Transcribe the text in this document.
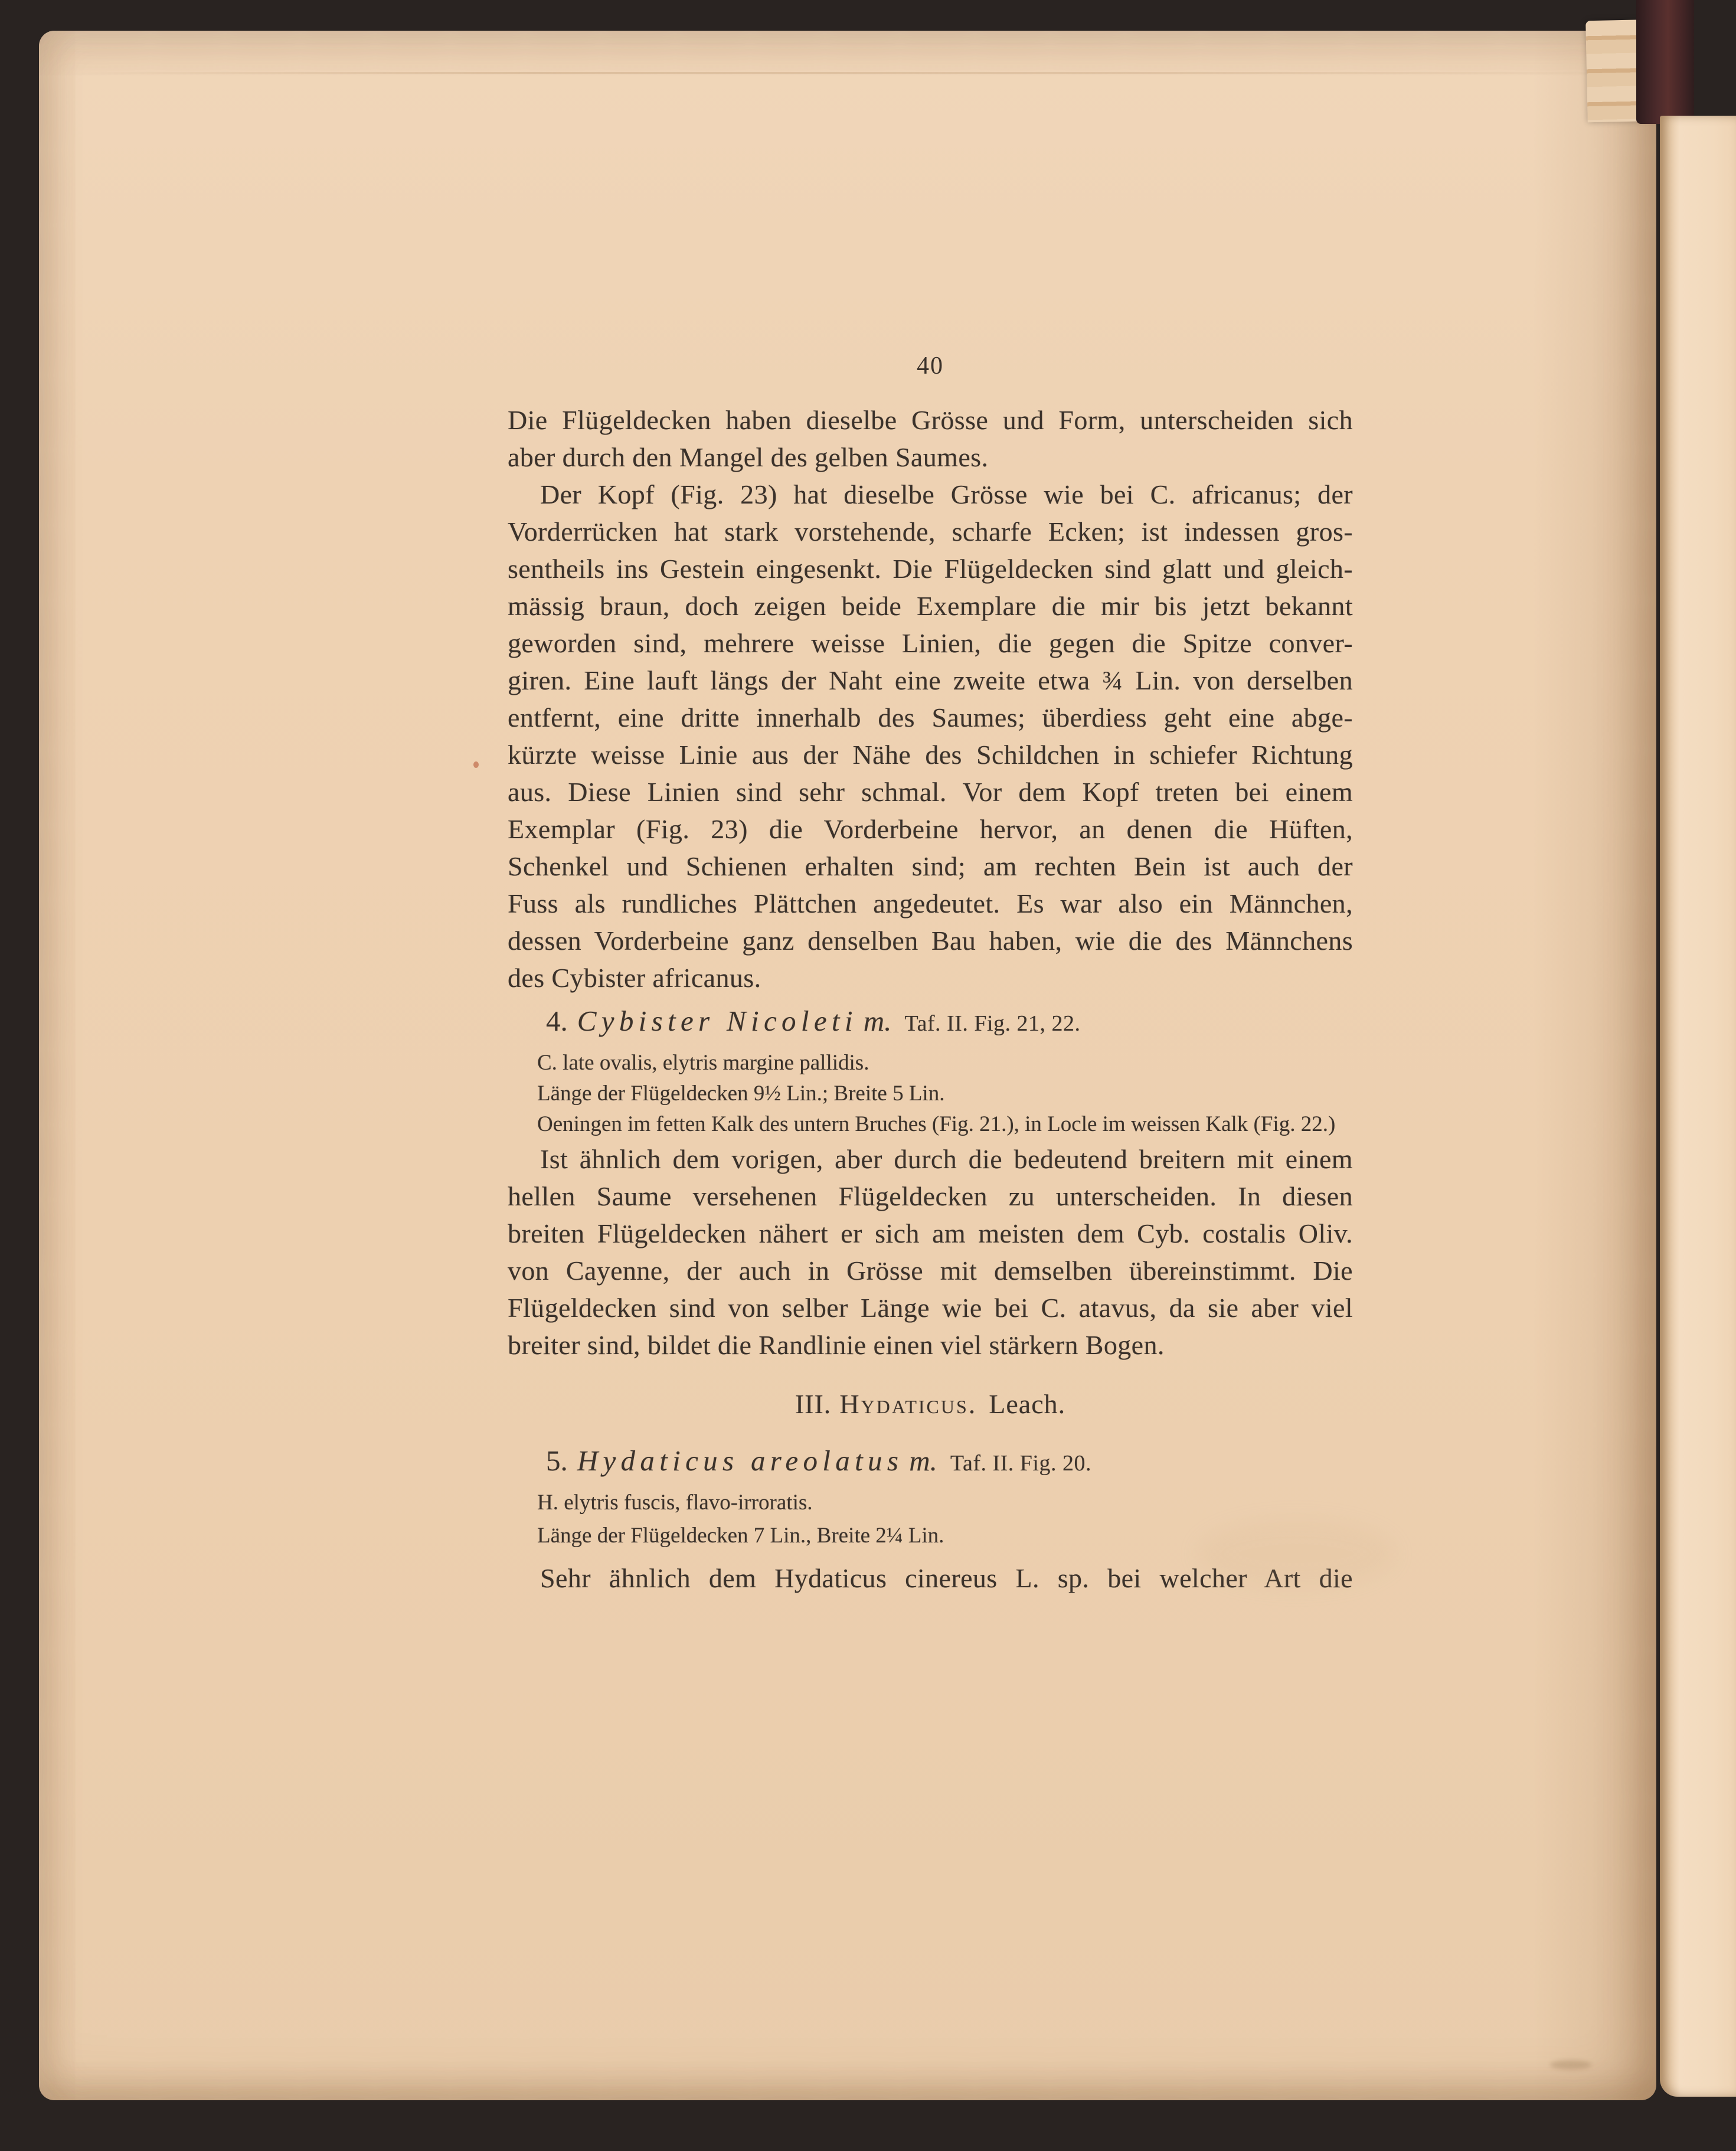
40
Die Flügeldecken haben dieselbe Grösse und Form, unterscheiden sich
aber durch den Mangel des gelben Saumes.
Der Kopf (Fig. 23) hat dieselbe Grösse wie bei C. africanus; der
Vorderrücken hat stark vorstehende, scharfe Ecken; ist indessen gros-
sentheils ins Gestein eingesenkt. Die Flügeldecken sind glatt und gleich-
mässig braun, doch zeigen beide Exemplare die mir bis jetzt bekannt
geworden sind, mehrere weisse Linien, die gegen die Spitze conver-
giren. Eine lauft längs der Naht eine zweite etwa ¾ Lin. von derselben
entfernt, eine dritte innerhalb des Saumes; überdiess geht eine abge-
kürzte weisse Linie aus der Nähe des Schildchen in schiefer Richtung
aus. Diese Linien sind sehr schmal. Vor dem Kopf treten bei einem
Exemplar (Fig. 23) die Vorderbeine hervor, an denen die Hüften,
Schenkel und Schienen erhalten sind; am rechten Bein ist auch der
Fuss als rundliches Plättchen angedeutet. Es war also ein Männchen,
dessen Vorderbeine ganz denselben Bau haben, wie die des Männchens
des Cybister africanus.
4. Cybister Nicoleti m. Taf. II. Fig. 21, 22.
C. late ovalis, elytris margine pallidis.
Länge der Flügeldecken 9½ Lin.; Breite 5 Lin.
Oeningen im fetten Kalk des untern Bruches (Fig. 21.), in Locle im weissen Kalk (Fig. 22.)
Ist ähnlich dem vorigen, aber durch die bedeutend breitern mit einem
hellen Saume versehenen Flügeldecken zu unterscheiden. In diesen
breiten Flügeldecken nähert er sich am meisten dem Cyb. costalis Oliv.
von Cayenne, der auch in Grösse mit demselben übereinstimmt. Die
Flügeldecken sind von selber Länge wie bei C. atavus, da sie aber viel
breiter sind, bildet die Randlinie einen viel stärkern Bogen.
III. Hydaticus. Leach.
5. Hydaticus areolatus m. Taf. II. Fig. 20.
H. elytris fuscis, flavo-irroratis.
Länge der Flügeldecken 7 Lin., Breite 2¼ Lin.
Sehr ähnlich dem Hydaticus cinereus L. sp. bei welcher Art die
